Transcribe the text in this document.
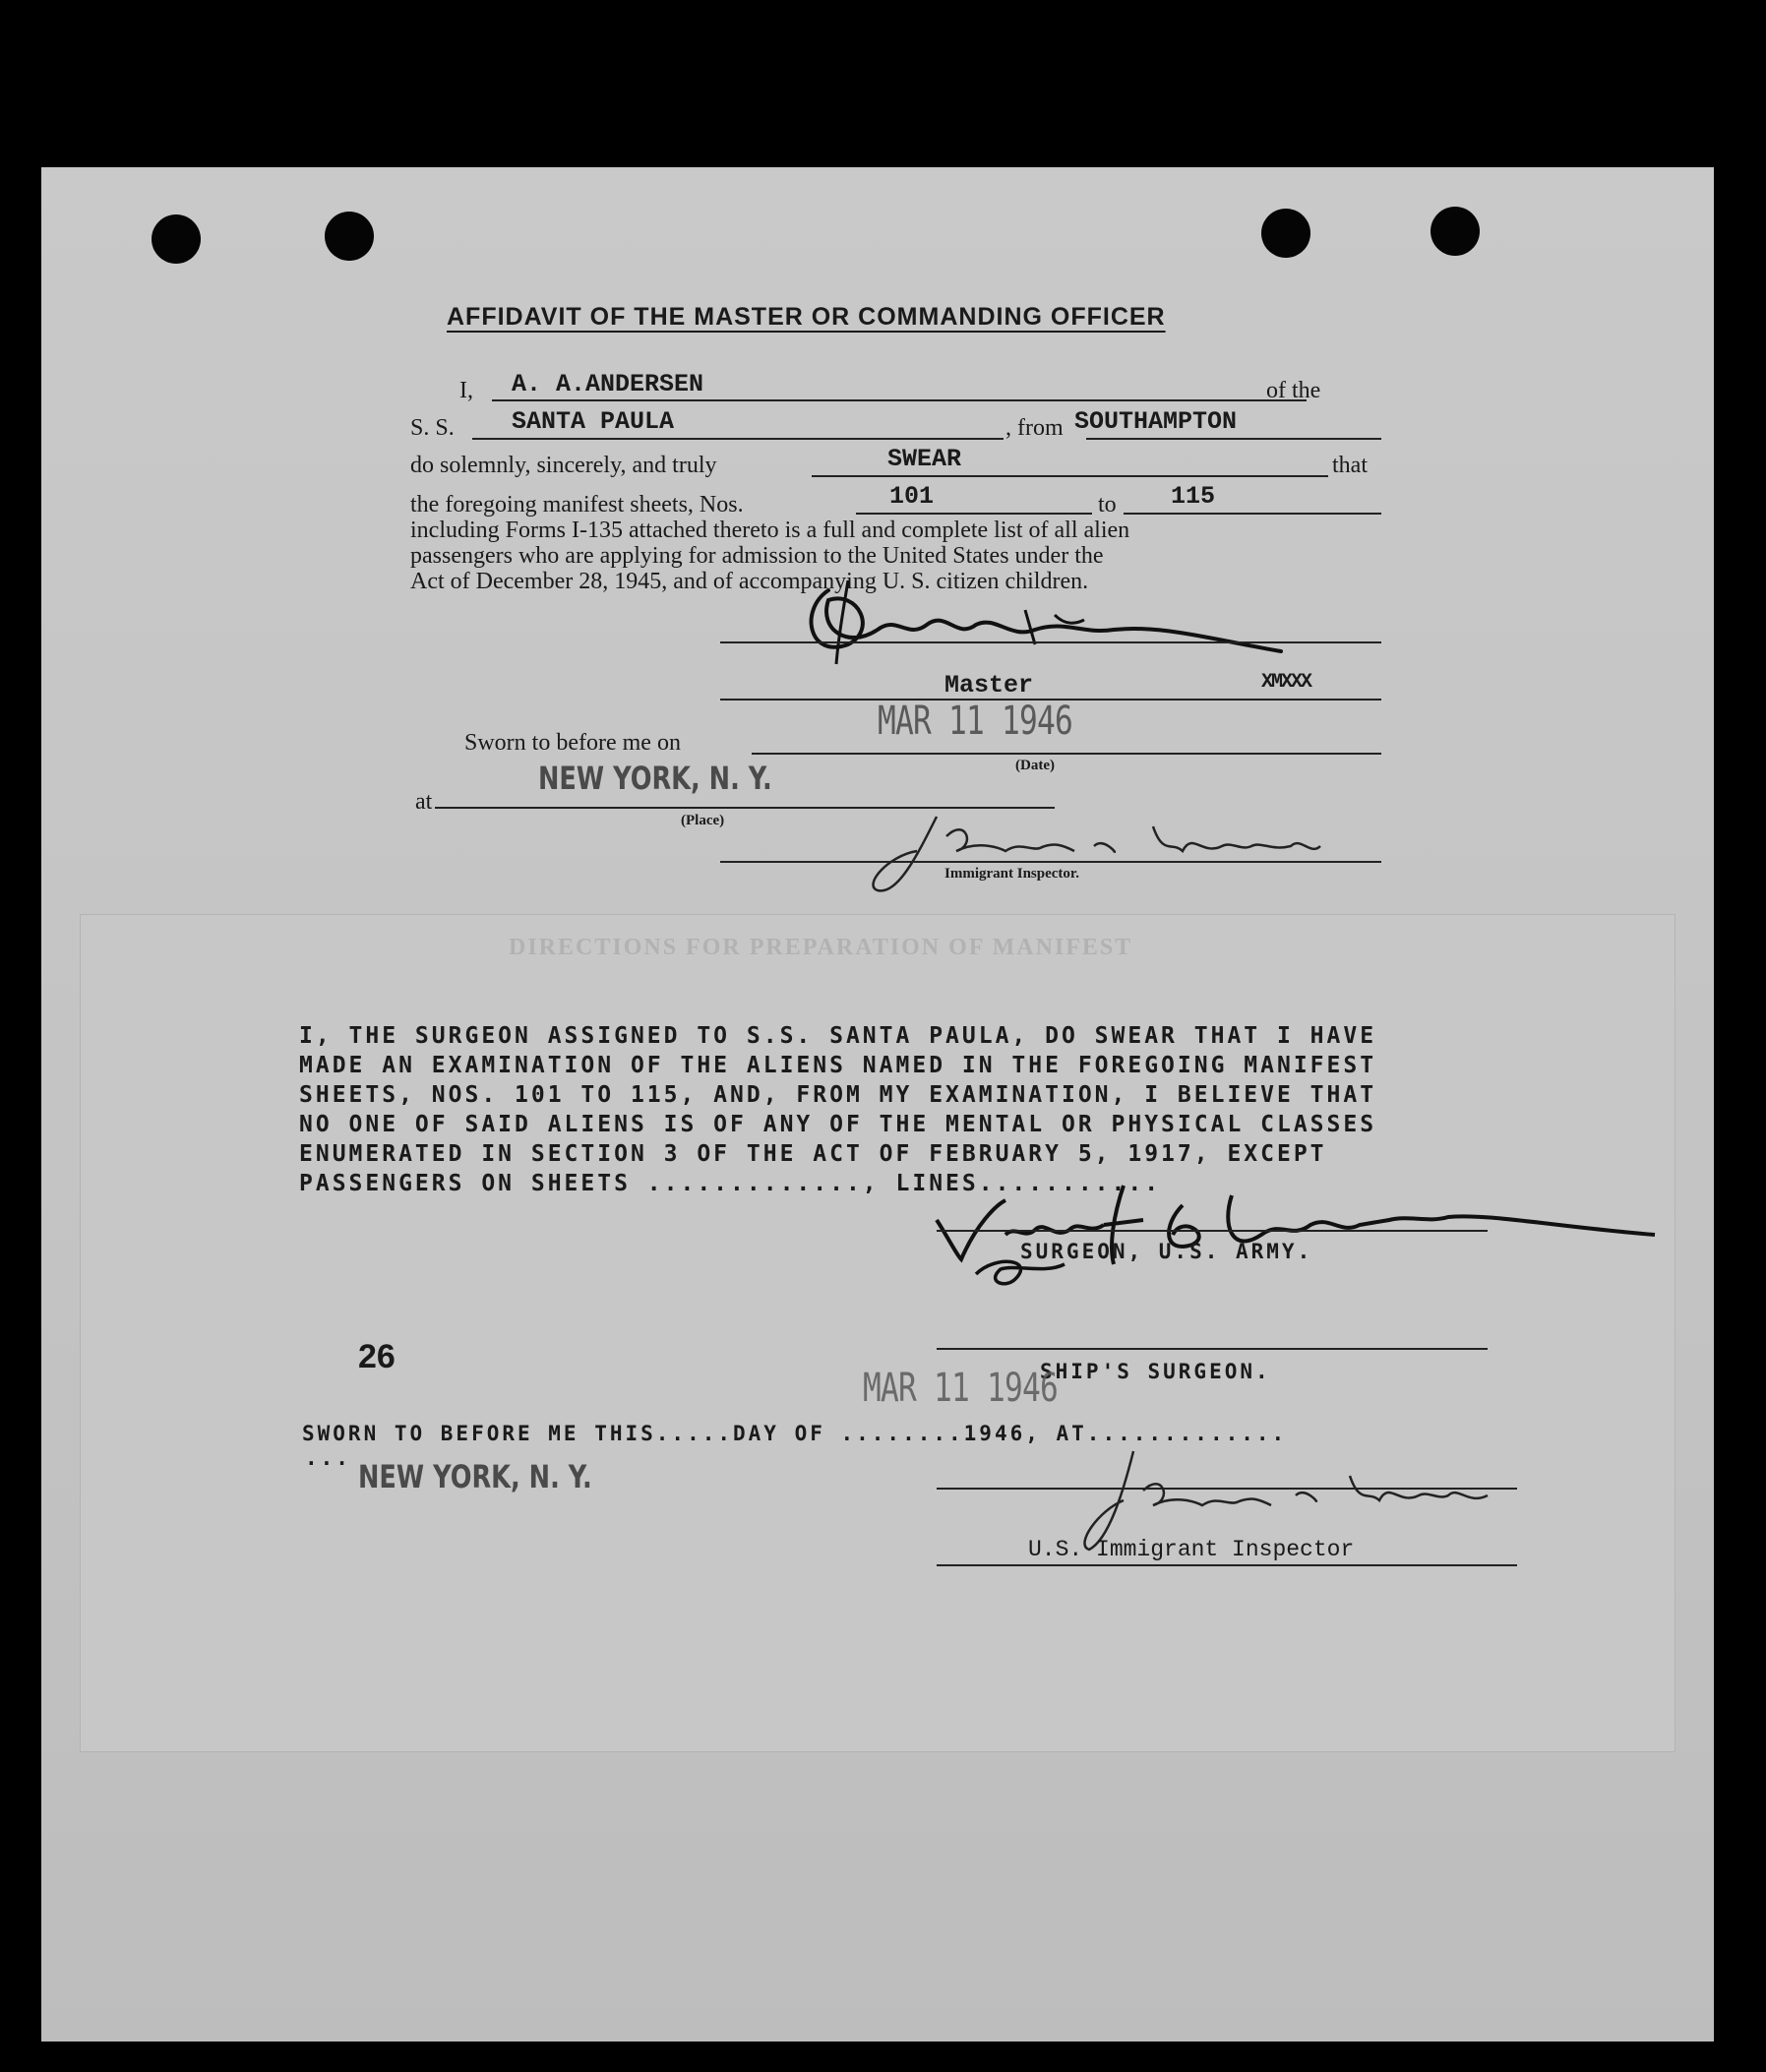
AFFIDAVIT OF THE MASTER OR COMMANDING OFFICER
I, A. A.ANDERSEN	of the
S. S. SANTA PAULA	, from SOUTHAMPTON
do solemnly, sincerely, and truly	SWEAR	that
the foregoing manifest sheets, Nos.	101	to 115
including Forms I-135 attached thereto is a full and complete list of all alien
passengers who are applying for admission to the United States under the
Act of December 28, 1945, and of accompanying U. S. citizen children.
Master	XMXXX
Sworn to before me on	MAR 11 1946
(Date)
at
NEW YORK, N. Y.
(Place)
Immigrant Inspector.
DIRECTIONS FOR PREPARATION OF MANIFEST
I, THE SURGEON ASSIGNED TO S.S. SANTA PAULA, DO SWEAR THAT I HAVE
MADE AN EXAMINATION OF THE ALIENS NAMED IN THE FOREGOING MANIFEST
SHEETS, NOS. 101 TO 115, AND, FROM MY EXAMINATION, I BELIEVE THAT
NO ONE OF SAID ALIENS IS OF ANY OF THE MENTAL OR PHYSICAL CLASSES
ENUMERATED IN SECTION 3 OF THE ACT OF FEBRUARY 5, 1917, EXCEPT
PASSENGERS ON SHEETS ............., LINES...........
SURGEON, U.S. ARMY.
26	SHIP'S SURGEON.
MAR 11 1946
SWORN TO BEFORE ME THIS.....DAY OF ........1946, AT.............
... NEW YORK, N. Y.
U.S. Immigrant Inspector
